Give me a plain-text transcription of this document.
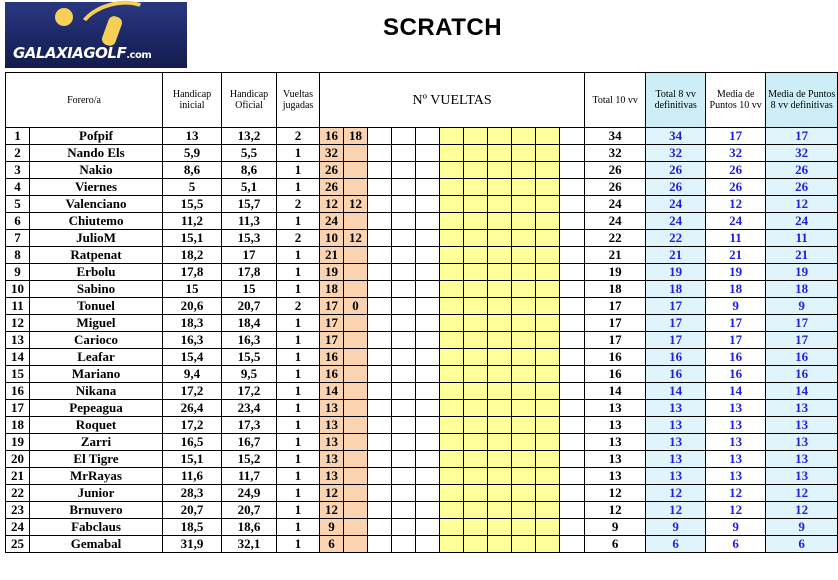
GALAXIAGOLF.com
SCRATCH
Forero/a		Handicap inicial	Handicap Oficial	Vueltas jugadas	Nº VUELTAS											Total 10 vv	Total 8 vv definitivas	Media de Puntos 10 vv	Media de Puntos 8 vv definitivas
1	Pofpif	13	13,2	2	16	18										34	34	17	17
2	Nando Els	5,9	5,5	1	32											32	32	32	32
3	Nakio	8,6	8,6	1	26											26	26	26	26
4	Viernes	5	5,1	1	26											26	26	26	26
5	Valenciano	15,5	15,7	2	12	12										24	24	12	12
6	Chiutemo	11,2	11,3	1	24											24	24	24	24
7	JulioM	15,1	15,3	2	10	12										22	22	11	11
8	Ratpenat	18,2	17	1	21											21	21	21	21
9	Erbolu	17,8	17,8	1	19											19	19	19	19
10	Sabino	15	15	1	18											18	18	18	18
11	Tonuel	20,6	20,7	2	17	0										17	17	9	9
12	Miguel	18,3	18,4	1	17											17	17	17	17
13	Carioco	16,3	16,3	1	17											17	17	17	17
14	Leafar	15,4	15,5	1	16											16	16	16	16
15	Mariano	9,4	9,5	1	16											16	16	16	16
16	Nikana	17,2	17,2	1	14											14	14	14	14
17	Pepeagua	26,4	23,4	1	13											13	13	13	13
18	Roquet	17,2	17,3	1	13											13	13	13	13
19	Zarri	16,5	16,7	1	13											13	13	13	13
20	El Tigre	15,1	15,2	1	13											13	13	13	13
21	MrRayas	11,6	11,7	1	13											13	13	13	13
22	Junior	28,3	24,9	1	12											12	12	12	12
23	Brnuvero	20,7	20,7	1	12											12	12	12	12
24	Fabclaus	18,5	18,6	1	9											9	9	9	9
25	Gemabal	31,9	32,1	1	6											6	6	6	6
